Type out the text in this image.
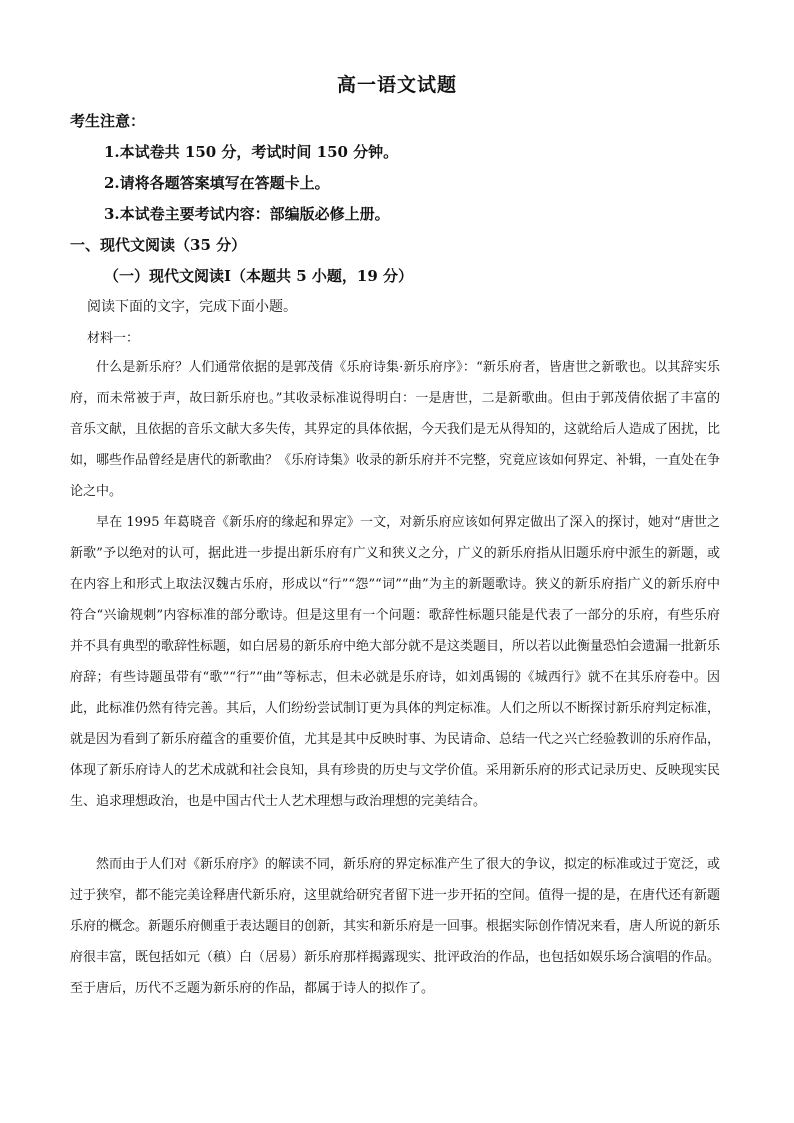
高一语文试题
考生注意：
1.本试卷共 150 分，考试时间 150 分钟。
2.请将各题答案填写在答题卡上。
3.本试卷主要考试内容：部编版必修上册。
一、现代文阅读（35 分）
（一）现代文阅读Ⅰ（本题共 5 小题，19 分）
阅读下面的文字，完成下面小题。
材料一：

什么是新乐府？人们通常依据的是郭茂倩《乐府诗集·新乐府序》：“新乐府者，皆唐世之新歌也。以其辞实乐府，而未常被于声，故曰新乐府也。”其收录标准说得明白：一是唐世，二是新歌曲。但由于郭茂倩依据了丰富的音乐文献，且依据的音乐文献大多失传，其界定的具体依据，今天我们是无从得知的，这就给后人造成了困扰，比如，哪些作品曾经是唐代的新歌曲？《乐府诗集》收录的新乐府并不完整，究竟应该如何界定、补辑，一直处在争论之中。

早在 1995 年葛晓音《新乐府的缘起和界定》一文，对新乐府应该如何界定做出了深入的探讨，她对“唐世之新歌”予以绝对的认可，据此进一步提出新乐府有广义和狭义之分，广义的新乐府指从旧题乐府中派生的新题，或在内容上和形式上取法汉魏古乐府，形成以“行”“怨”“词”“曲”为主的新题歌诗。狭义的新乐府指广义的新乐府中符合“兴谕规刺”内容标准的部分歌诗。但是这里有一个问题：歌辞性标题只能是代表了一部分的乐府，有些乐府并不具有典型的歌辞性标题，如白居易的新乐府中绝大部分就不是这类题目，所以若以此衡量恐怕会遗漏一批新乐府辞；有些诗题虽带有“歌”“行”“曲”等标志，但未必就是乐府诗，如刘禹锡的《城西行》就不在其乐府卷中。因此，此标准仍然有待完善。其后，人们纷纷尝试制订更为具体的判定标准。人们之所以不断探讨新乐府判定标准，就是因为看到了新乐府蕴含的重要价值，尤其是其中反映时事、为民请命、总结一代之兴亡经验教训的乐府作品，体现了新乐府诗人的艺术成就和社会良知，具有珍贵的历史与文学价值。采用新乐府的形式记录历史、反映现实民生、追求理想政治，也是中国古代士人艺术理想与政治理想的完美结合。

然而由于人们对《新乐府序》的解读不同，新乐府的界定标准产生了很大的争议，拟定的标准或过于宽泛，或过于狭窄，都不能完美诠释唐代新乐府，这里就给研究者留下进一步开拓的空间。值得一提的是，在唐代还有新题乐府的概念。新题乐府侧重于表达题目的创新，其实和新乐府是一回事。根据实际创作情况来看，唐人所说的新乐府很丰富，既包括如元（稹）白（居易）新乐府那样揭露现实、批评政治的作品，也包括如娱乐场合演唱的作品。至于唐后，历代不乏题为新乐府的作品，都属于诗人的拟作了。
